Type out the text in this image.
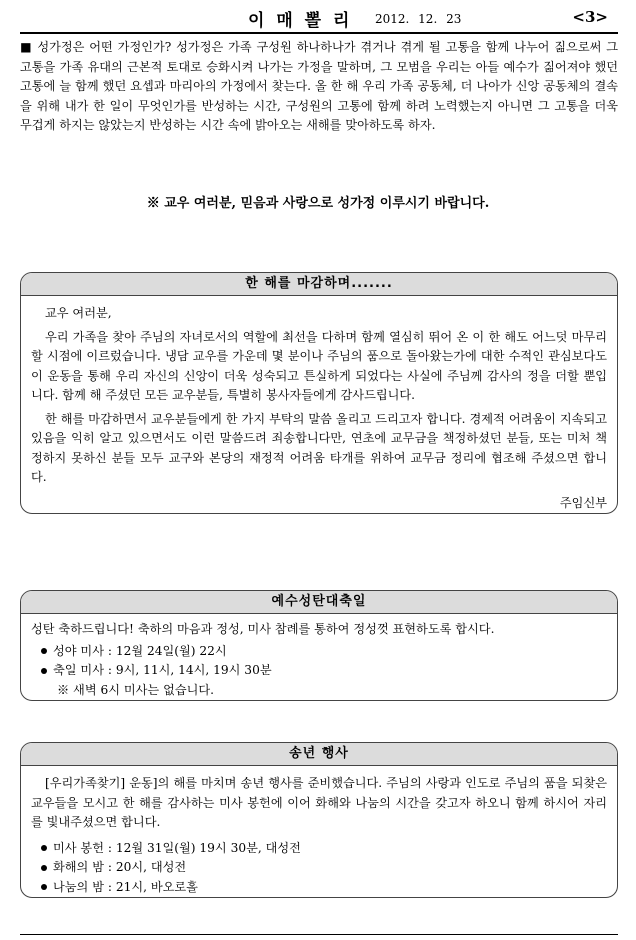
이 매 뽈 리 2012. 12. 23	<3>
■ 성가정은 어떤 가정인가? 성가정은 가족 구성원 하나하나가 겪거나 겪게 될 고통을 함께 나누어 짊으로써 그 고통을 가족 유대의 근본적 토대로 승화시켜 나가는 가정을 말하며, 그 모범을 우리는 아들 예수가 짊어져야 했던 고통에 늘 함께 했던 요셉과 마리아의 가정에서 찾는다. 올 한 해 우리 가족 공동체, 더 나아가 신앙 공동체의 결속을 위해 내가 한 일이 무엇인가를 반성하는 시간, 구성원의 고통에 함께 하려 노력했는지 아니면 그 고통을 더욱 무겁게 하지는 않았는지 반성하는 시간 속에 밝아오는 새해를 맞아하도록 하자.
※ 교우 여러분, 믿음과 사랑으로 성가정 이루시기 바랍니다.
한 해를 마감하며.......

교우 여러분,

우리 가족을 찾아 주님의 자녀로서의 역할에 최선을 다하며 함께 열심히 뛰어 온 이 한 해도 어느덧 마무리할 시점에 이르렀습니다. 냉담 교우를 가운데 몇 분이나 주님의 품으로 돌아왔는가에 대한 수적인 관심보다도 이 운동을 통해 우리 자신의 신앙이 더욱 성숙되고 튼실하게 되었다는 사실에 주님께 감사의 정을 더할 뿐입니다. 함께 해 주셨던 모든 교우분들, 특별히 봉사자들에게 감사드립니다.

한 해를 마감하면서 교우분들에게 한 가지 부탁의 말씀 올리고 드리고자 합니다. 경제적 어려움이 지속되고 있음을 익히 알고 있으면서도 이런 말씀드려 죄송합니다만, 연초에 교무금을 책정하셨던 분들, 또는 미처 책정하지 못하신 분들 모두 교구와 본당의 재정적 어려움 타개를 위하여 교무금 정리에 협조해 주셨으면 합니다.

주임신부

예수성탄대축일

성탄 축하드립니다! 축하의 마음과 정성, 미사 참례를 통하여 정성껏 표현하도록 합시다.

성야 미사 : 12월 24일(월) 22시
축일 미사 : 9시, 11시, 14시, 19시 30분
※ 새벽 6시 미사는 없습니다.
송년 행사

[우리가족찾기] 운동]의 해를 마치며 송년 행사를 준비했습니다. 주님의 사랑과 인도로 주님의 품을 되찾은 교우들을 모시고 한 해를 감사하는 미사 봉헌에 이어 화해와 나눔의 시간을 갖고자 하오니 함께 하시어 자리를 빛내주셨으면 합니다.

미사 봉헌 : 12월 31일(월) 19시 30분, 대성전
화해의 밤 : 20시, 대성전
나눔의 밤 : 21시, 바오로홀
